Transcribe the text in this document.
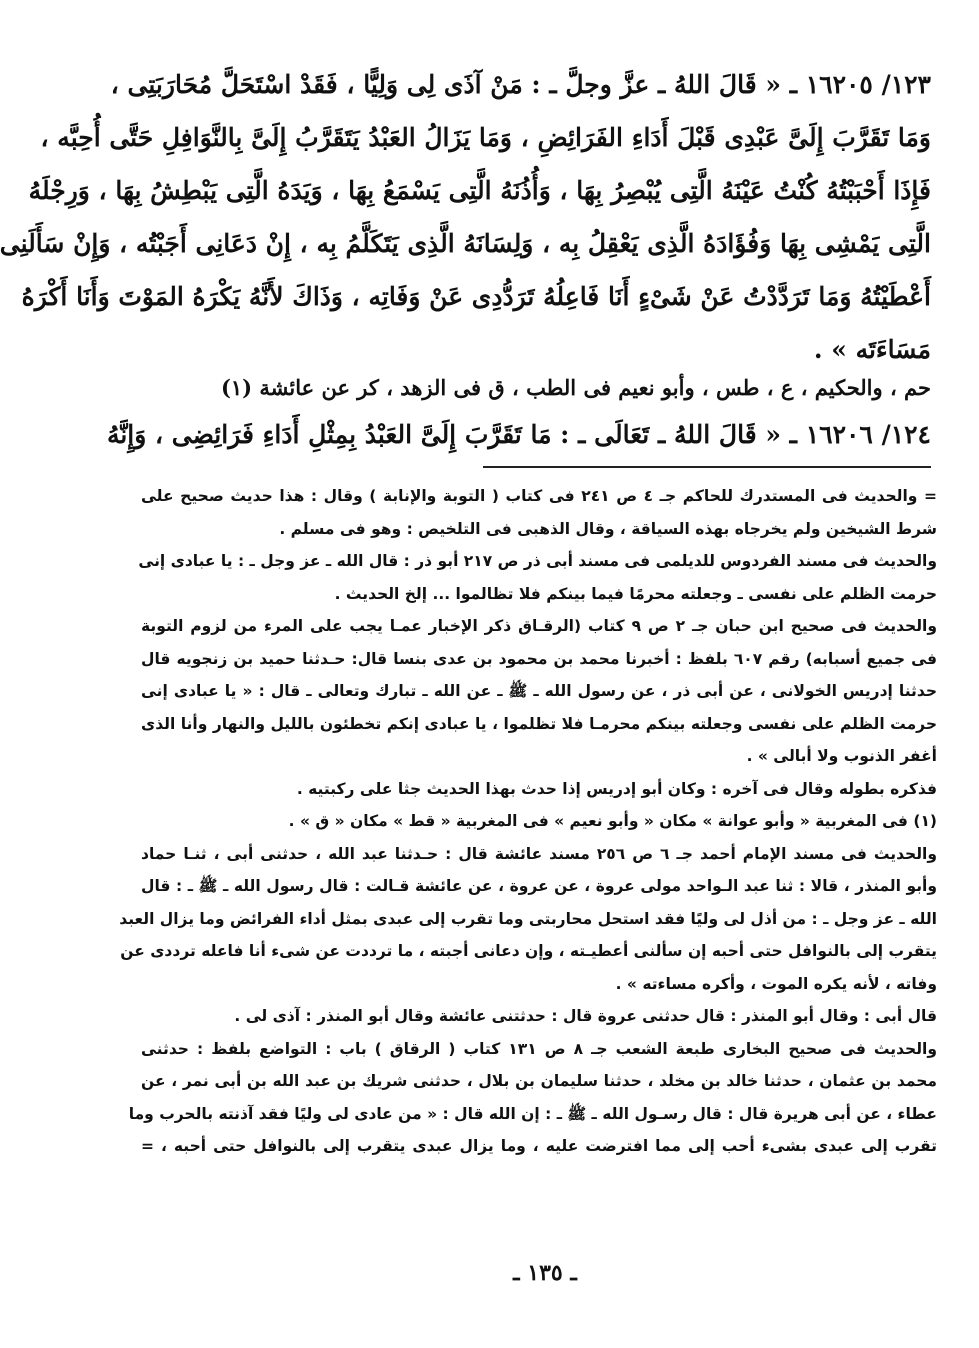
١٢٣/ ١٦٢٠٥ ـ « قَالَ اللهُ ـ عزَّ وجلَّ ـ : مَنْ آذَى لِى وَلِيًّا ، فَقَدْ اسْتَحَلَّ مُحَارَبَتِى ،
وَمَا تَقَرَّبَ إِلَىَّ عَبْدِى قَبْلَ أَدَاءِ الفَرَائِضِ ، وَمَا يَزَالُ العَبْدُ يَتَقَرَّبُ إِلَىَّ بِالنَّوَافِلِ حَتَّى أُحِبَّه ،
فَإِذَا أَحْبَبْتُهُ كُنْتُ عَيْنَهُ الَّتِى يُبْصِرُ بِهَا ، وَأُذُنَهُ الَّتِى يَسْمَعُ بِهَا ، وَيَدَهُ الَّتِى يَبْطِشُ بِهَا ، وَرِجْلَهُ
الَّتِى يَمْشِى بِهَا وَفُؤَادَهُ الَّذِى يَعْقِلُ بِه ، وَلِسَانَهُ الَّذِى يَتَكَلَّمُ بِه ، إِنْ دَعَانِى أَجَبْتُه ، وَإِنْ سَأَلَنِى
أَعْطَيْتُهُ وَمَا تَرَدَّدْتُ عَنْ شَىْءٍ أَنَا فَاعِلُهُ تَرَدُّدِى عَنْ وَفَاتِه ، وَذَاكَ لأَنَّهُ يَكْرَهُ المَوْتَ وَأَنَا أَكْرَهُ
مَسَاءَتَه » .
حم ، والحكيم ، ع ، طس ، وأبو نعيم فى الطب ، ق فى الزهد ، كر عن عائشة (١)
١٢٤/ ١٦٢٠٦ ـ « قَالَ اللهُ ـ تَعَالَى ـ : مَا تَقَرَّبَ إِلَىَّ العَبْدُ بِمِثْلِ أَدَاءِ فَرَائِضِى ، وَإِنَّهُ
= والحديث فى المستدرك للحاكم جـ ٤ ص ٢٤١ فى كتاب ( التوبة والإنابة ) وقال : هذا حديث صحيح على
شرط الشيخين ولم يخرجاه بهذه السياقة ، وقال الذهبى فى التلخيص : وهو فى مسلم .
والحديث فى مسند الفردوس للديلمى فى مسند أبى ذر ص ٢١٧ أبو ذر : قال الله ـ عز وجل ـ : يا عبادى إنى
حرمت الظلم على نفسى ـ وجعلته محرمًا فيما بينكم فلا تظالموا ... إلخ الحديث .
والحديث فى صحيح ابن حبان جـ ٢ ص ٩ كتاب (الرقـاق ذكر الإخبار عمـا يجب على المرء من لزوم التوبة
فى جميع أسبابه) رقم ٦٠٧ بلفظ : أخبرنا محمد بن محمود بن عدى بنسا قال: حـدثنا حميد بن زنجويه قال
حدثنا إدريس الخولانى ، عن أبى ذر ، عن رسول الله ـ ﷺ ـ عن الله ـ تبارك وتعالى ـ قال : « يا عبادى إنى
حرمت الظلم على نفسى وجعلته بينكم محرمـا فلا تظلموا ، يا عبادى إنكم تخطئون بالليل والنهار وأنا الذى
أغفر الذنوب ولا أبالى » .
فذكره بطوله وقال فى آخره : وكان أبو إدريس إذا حدث بهذا الحديث جثا على ركبتيه .
(١) فى المغربية « وأبو عوانة » مكان « وأبو نعيم » فى المغربية « قط » مكان « ق » .
والحديث فى مسند الإمام أحمد جـ ٦ ص ٢٥٦ مسند عائشة قال : حـدثنا عبد الله ، حدثنى أبى ، ثنـا حماد
وأبو المنذر ، قالا : ثنا عبد الـواحد مولى عروة ، عن عروة ، عن عائشة قـالت : قال رسول الله ـ ﷺ ـ : قال
الله ـ عز وجل ـ : من أذل لى وليًا فقد استحل محاربتى وما تقرب إلى عبدى بمثل أداء الفرائض وما يزال العبد
يتقرب إلى بالنوافل حتى أحبه إن سألنى أعطيـته ، وإن دعانى أجبته ، ما ترددت عن شىء أنا فاعله ترددى عن
وفاته ، لأنه يكره الموت ، وأكره مساءته » .
قال أبى : وقال أبو المنذر : قال حدثنى عروة قال : حدثتنى عائشة وقال أبو المنذر : آذى لى .
والحديث فى صحيح البخارى طبعة الشعب جـ ٨ ص ١٣١ كتاب ( الرقاق ) باب : التواضع بلفظ : حدثنى
محمد بن عثمان ، حدثنا خالد بن مخلد ، حدثنا سليمان بن بلال ، حدثنى شريك بن عبد الله بن أبى نمر ، عن
عطاء ، عن أبى هريرة قال : قال رسـول الله ـ ﷺ ـ : إن الله قال : « من عادى لى وليًا فقد آذنته بالحرب وما
تقرب إلى عبدى بشىء أحب إلى مما افترضت عليه ، وما يزال عبدى يتقرب إلى بالنوافل حتى أحبه ، =
ـ ١٣٥ ـ
